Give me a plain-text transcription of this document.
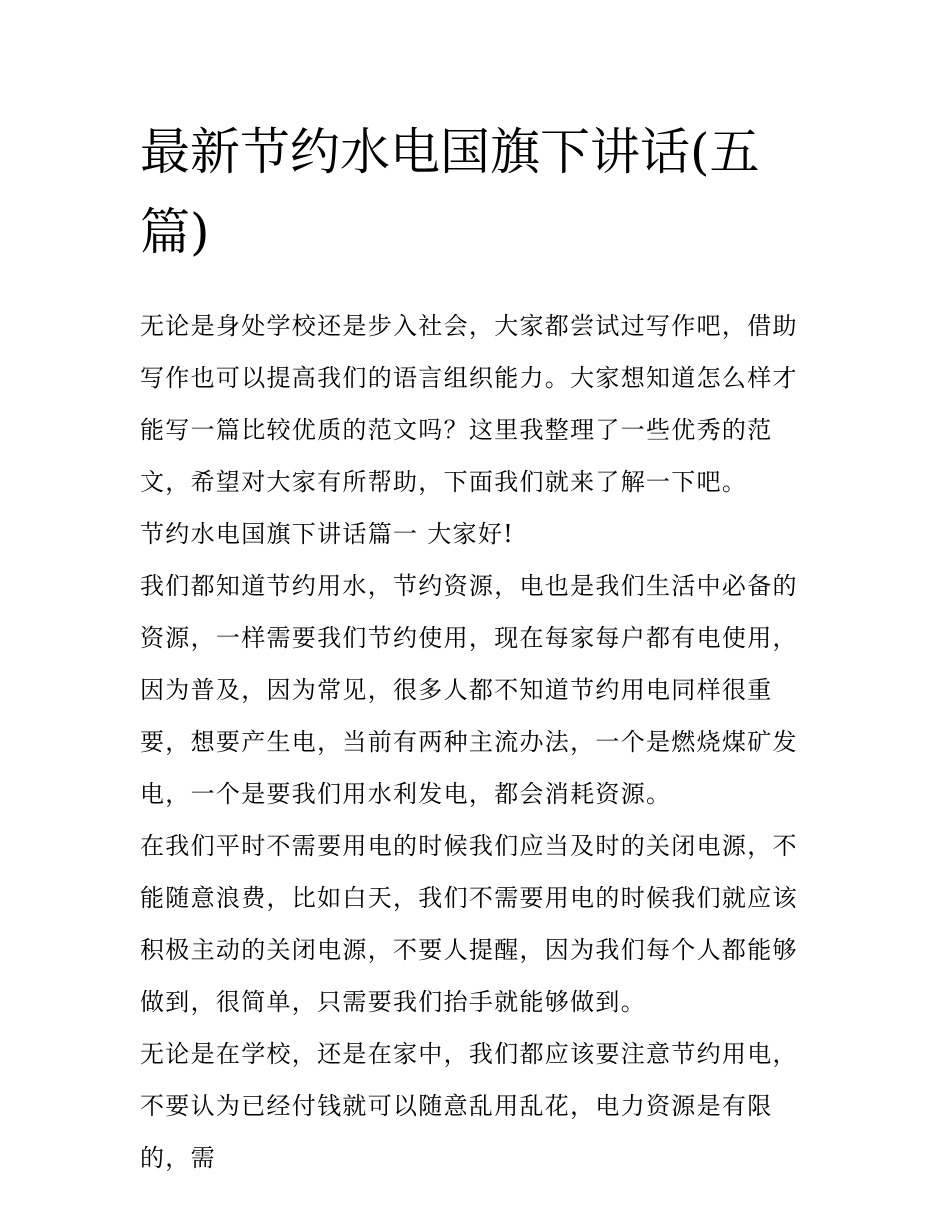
最新节约水电国旗下讲话(五篇)

无论是身处学校还是步入社会，大家都尝试过写作吧，借助写作也可以提高我们的语言组织能力。大家想知道怎么样才能写一篇比较优质的范文吗？这里我整理了一些优秀的范文，希望对大家有所帮助，下面我们就来了解一下吧。

节约水电国旗下讲话篇一 大家好!

我们都知道节约用水，节约资源，电也是我们生活中必备的资源，一样需要我们节约使用，现在每家每户都有电使用，因为普及，因为常见，很多人都不知道节约用电同样很重要，想要产生电，当前有两种主流办法，一个是燃烧煤矿发电，一个是要我们用水利发电，都会消耗资源。

在我们平时不需要用电的时候我们应当及时的关闭电源，不能随意浪费，比如白天，我们不需要用电的时候我们就应该积极主动的关闭电源，不要人提醒，因为我们每个人都能够做到，很简单，只需要我们抬手就能够做到。

无论是在学校，还是在家中，我们都应该要注意节约用电，不要认为已经付钱就可以随意乱用乱花，电力资源是有限的，需
